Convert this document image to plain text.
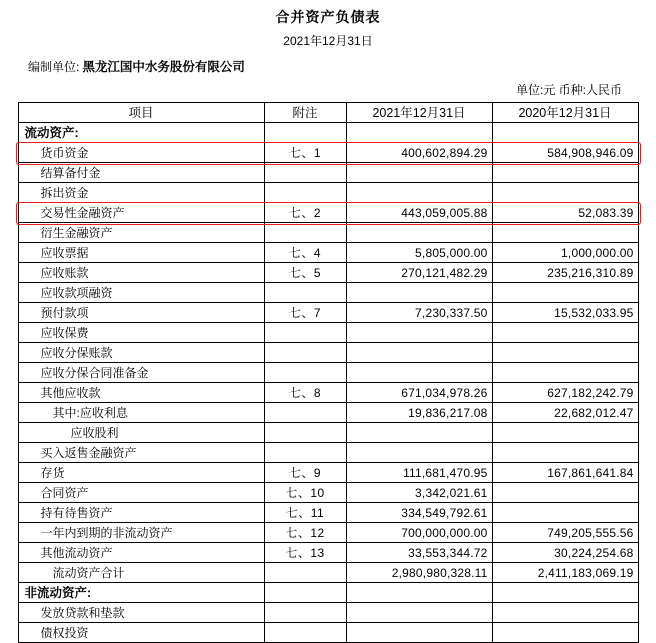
合并资产负债表
2021年12月31日
编制单位: 黑龙江国中水务股份有限公司
单位:元 币种:人民币
项目	附注	2021年12月31日	2020年12月31日
流动资产:			
货币资金	七、1	400,602,894.29	584,908,946.09
结算备付金			
拆出资金			
交易性金融资产	七、2	443,059,005.88	52,083.39
衍生金融资产			
应收票据	七、4	5,805,000.00	1,000,000.00
应收账款	七、5	270,121,482.29	235,216,310.89
应收款项融资			
预付款项	七、7	7,230,337.50	15,532,033.95
应收保费			
应收分保账款			
应收分保合同准备金			
其他应收款	七、8	671,034,978.26	627,182,242.79
其中:应收利息		19,836,217.08	22,682,012.47
应收股利			
买入返售金融资产			
存货	七、9	111,681,470.95	167,861,641.84
合同资产	七、10	3,342,021.61	
持有待售资产	七、11	334,549,792.61	
一年内到期的非流动资产	七、12	700,000,000.00	749,205,555.56
其他流动资产	七、13	33,553,344.72	30,224,254.68
流动资产合计		2,980,980,328.11	2,411,183,069.19
非流动资产:			
发放贷款和垫款			
债权投资			
